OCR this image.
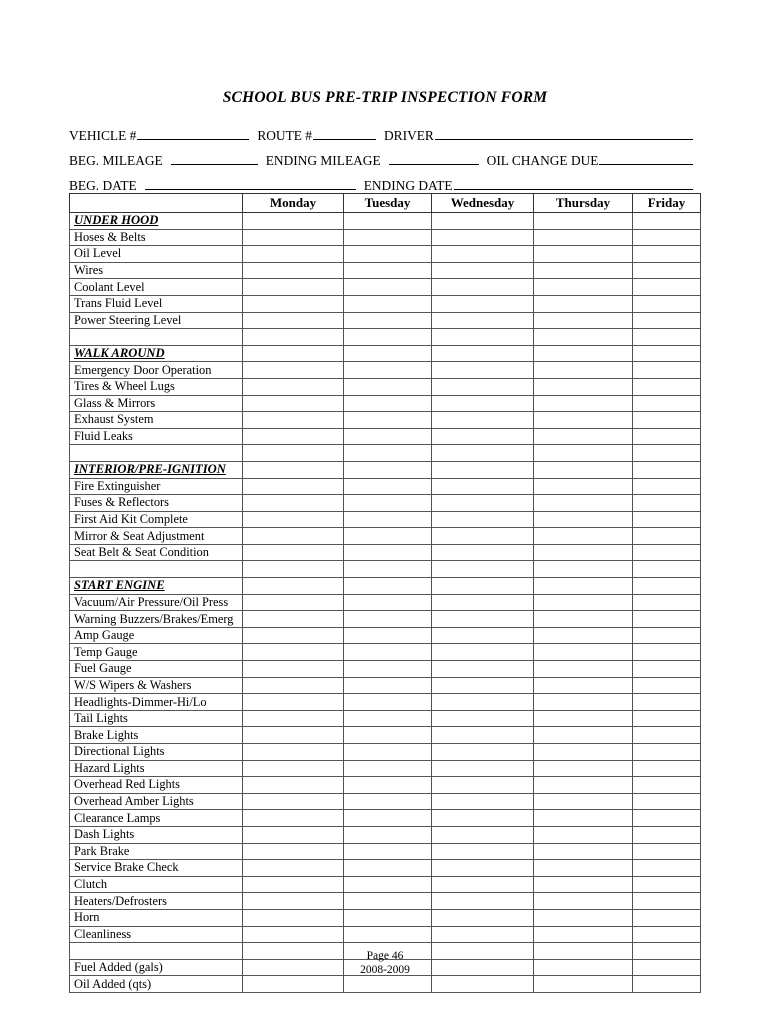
SCHOOL BUS PRE-TRIP INSPECTION FORM
VEHICLE #	ROUTE #	DRIVER
BEG. MILEAGE	ENDING MILEAGE	OIL CHANGE DUE
BEG. DATE	ENDING DATE
	Monday	Tuesday	Wednesday	Thursday	Friday
UNDER HOOD					
Hoses & Belts					
Oil Level					
Wires					
Coolant Level					
Trans Fluid Level					
Power Steering Level					

WALK AROUND					
Emergency Door Operation					
Tires & Wheel Lugs					
Glass & Mirrors					
Exhaust System					
Fluid Leaks					

INTERIOR/PRE-IGNITION					
Fire Extinguisher					
Fuses & Reflectors					
First Aid Kit Complete					
Mirror & Seat Adjustment					
Seat Belt & Seat Condition					

START ENGINE					
Vacuum/Air Pressure/Oil Press					
Warning Buzzers/Brakes/Emerg					
Amp Gauge					
Temp Gauge					
Fuel Gauge					
W/S Wipers & Washers					
Headlights-Dimmer-Hi/Lo					
Tail Lights					
Brake Lights					
Directional Lights					
Hazard Lights					
Overhead Red Lights					
Overhead Amber Lights					
Clearance Lamps					
Dash Lights					
Park Brake					
Service Brake Check					
Clutch					
Heaters/Defrosters					
Horn					
Cleanliness					

Fuel Added (gals)					
Oil Added (qts)					
Page 46
2008-2009
